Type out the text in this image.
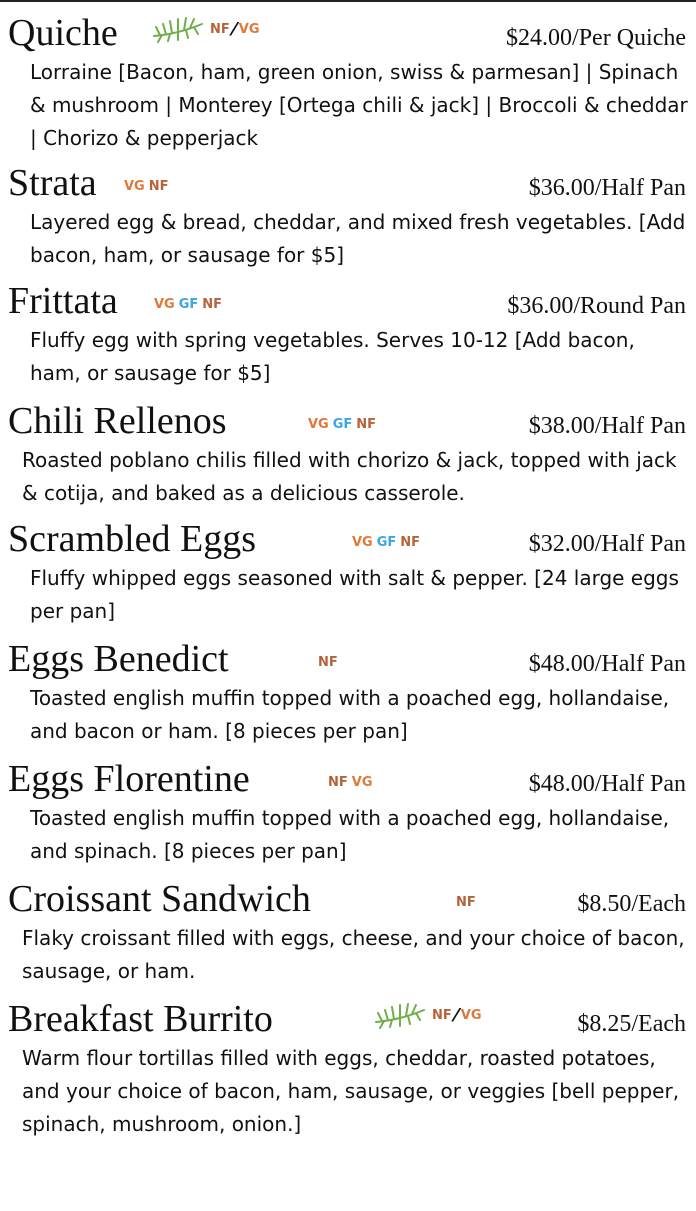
Quiche	NF ⁄ VG	$24.00/Per Quiche
Lorraine [Bacon, ham, green onion, swiss & parmesan] | Spinach & mushroom | Monterey [Ortega chili & jack] | Broccoli & cheddar | Chorizo & pepperjack
Strata VG NF	$36.00/Half Pan
Layered egg & bread, cheddar, and mixed fresh vegetables. [Add bacon, ham, or sausage for $5]
Frittata	VG GF NF	$36.00/Round Pan
Fluffy egg with spring vegetables. Serves 10-12 [Add bacon, ham, or sausage for $5]
Chili Rellenos	VG GF NF	$38.00/Half Pan
Roasted poblano chilis filled with chorizo & jack, topped with jack & cotija, and baked as a delicious casserole.
Scrambled Eggs	VG GF NF	$32.00/Half Pan
Fluffy whipped eggs seasoned with salt & pepper. [24 large eggs per pan]
Eggs Benedict	NF	$48.00/Half Pan
Toasted english muffin topped with a poached egg, hollandaise, and bacon or ham. [8 pieces per pan]
Eggs Florentine	NF VG	$48.00/Half Pan
Toasted english muffin topped with a poached egg, hollandaise, and spinach. [8 pieces per pan]
Croissant Sandwich	NF	$8.50/Each
Flaky croissant filled with eggs, cheese, and your choice of bacon, sausage, or ham.
Breakfast Burrito	NF ⁄ VG	$8.25/Each
Warm flour tortillas filled with eggs, cheddar, roasted potatoes, and your choice of bacon, ham, sausage, or veggies [bell pepper, spinach, mushroom, onion.]
